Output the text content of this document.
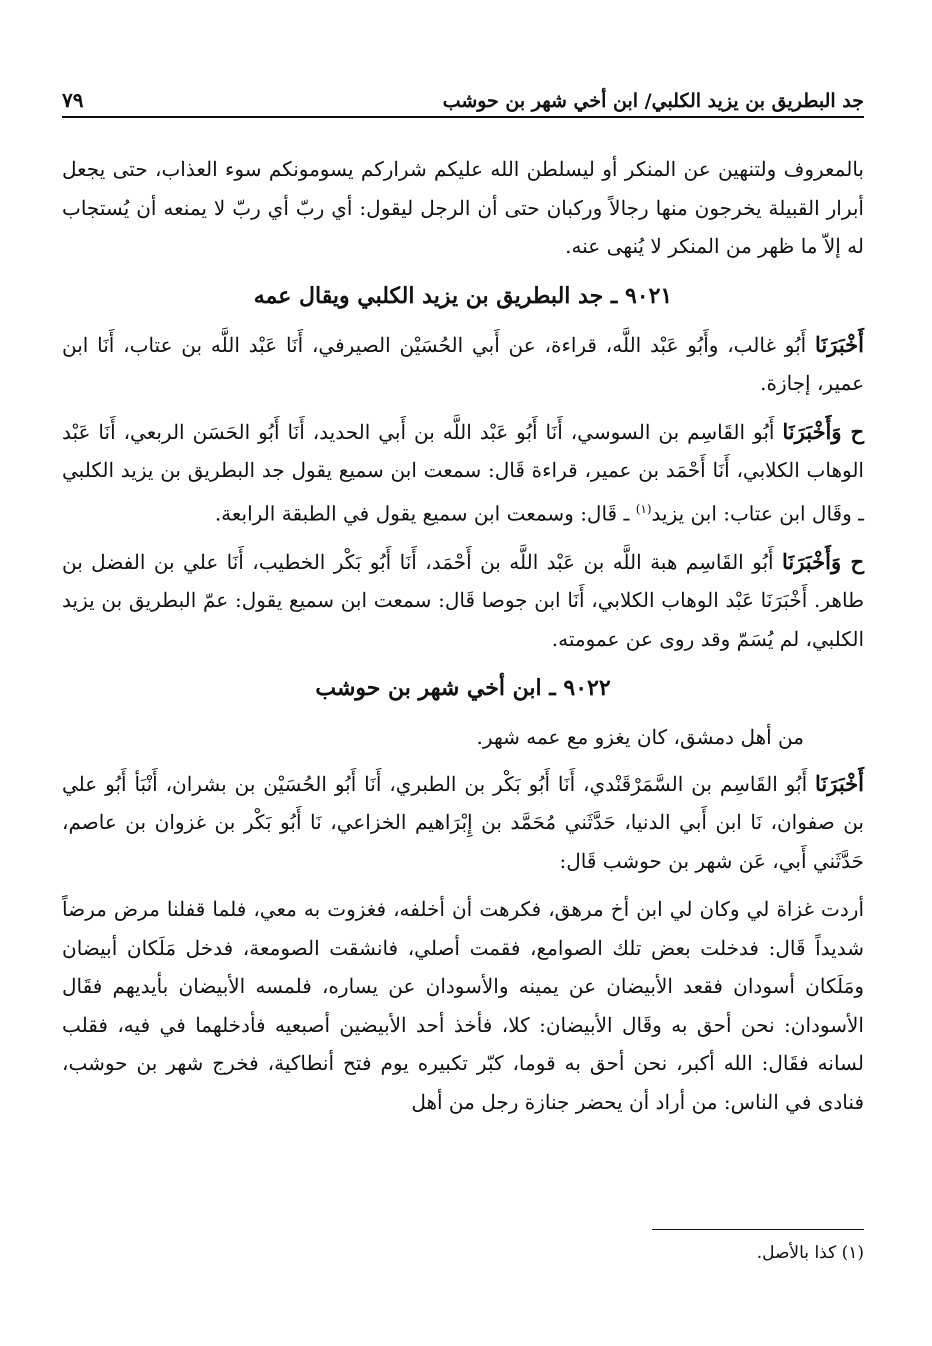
جد البطريق بن يزيد الكلبي/ ابن أخي شهر بن حوشب
٧٩

بالمعروف ولتنهين عن المنكر أو ليسلطن الله عليكم شراركم يسومونكم سوء العذاب، حتى يجعل أبرار القبيلة يخرجون منها رجالاً وركبان حتى أن الرجل ليقول: أي ربّ أي ربّ لا يمنعه أن يُستجاب له إلاّ ما ظهر من المنكر لا يُنهى عنه.

٩٠٢١ ـ جد البطريق بن يزيد الكلبي ويقال عمه

أَخْبَرَنَا أَبُو غالب، وأَبُو عَبْد اللَّه، قراءة، عن أَبي الحُسَيْن الصيرفي، أَنَا عَبْد اللَّه بن عتاب، أَنَا ابن عمير، إجازة.

ح وَأَخْبَرَنَا أَبُو القَاسِم بن السوسي، أَنَا أَبُو عَبْد اللَّه بن أَبي الحديد، أَنَا أَبُو الحَسَن الربعي، أَنَا عَبْد الوهاب الكلابي، أَنَا أَحْمَد بن عمير، قراءة قَال: سمعت ابن سميع يقول جد البطريق بن يزيد الكلبي ـ وقَال ابن عتاب: ابن يزيد$^{(١)}$ ـ قَال: وسمعت ابن سميع يقول في الطبقة الرابعة.

ح وَأَخْبَرَنَا أَبُو القَاسِم هبة اللَّه بن عَبْد اللَّه بن أَحْمَد، أَنَا أَبُو بَكْر الخطيب، أَنَا علي بن الفضل بن طاهر. أَخْبَرَنَا عَبْد الوهاب الكلابي، أَنَا ابن جوصا قَال: سمعت ابن سميع يقول: عمّ البطريق بن يزيد الكلبي، لم يُسَمّ وقد روى عن عمومته.

٩٠٢٢ ـ ابن أخي شهر بن حوشب

من أهل دمشق، كان يغزو مع عمه شهر.

أَخْبَرَنَا أَبُو القَاسِم بن السَّمَرْقَنْدي، أَنَا أَبُو بَكْر بن الطبري، أَنَا أَبُو الحُسَيْن بن بشران، أَنْبَأ أَبُو علي بن صفوان، نَا ابن أَبي الدنيا، حَدَّثَني مُحَمَّد بن إِبْرَاهيم الخزاعي، نَا أَبُو بَكْر بن غزوان بن عاصم، حَدَّثَني أَبي، عَن شهر بن حوشب قَال:

أردت غزاة لي وكان لي ابن أخ مرهق، فكرهت أن أخلفه، فغزوت به معي، فلما قفلنا مرض مرضاً شديداً قَال: فدخلت بعض تلك الصوامع، فقمت أصلي، فانشقت الصومعة، فدخل مَلَكان أبيضان ومَلَكان أسودان فقعد الأبيضان عن يمينه والأسودان عن يساره، فلمسه الأبيضان بأيديهم فقَال الأسودان: نحن أحق به وقَال الأبيضان: كلا، فأخذ أحد الأبيضين أصبعيه فأدخلهما في فيه، فقلب لسانه فقَال: الله أكبر، نحن أحق به قوما، كبّر تكبيره يوم فتح أنطاكية، فخرج شهر بن حوشب، فنادى في الناس: من أراد أن يحضر جنازة رجل من أهل

(١) كذا بالأصل.
